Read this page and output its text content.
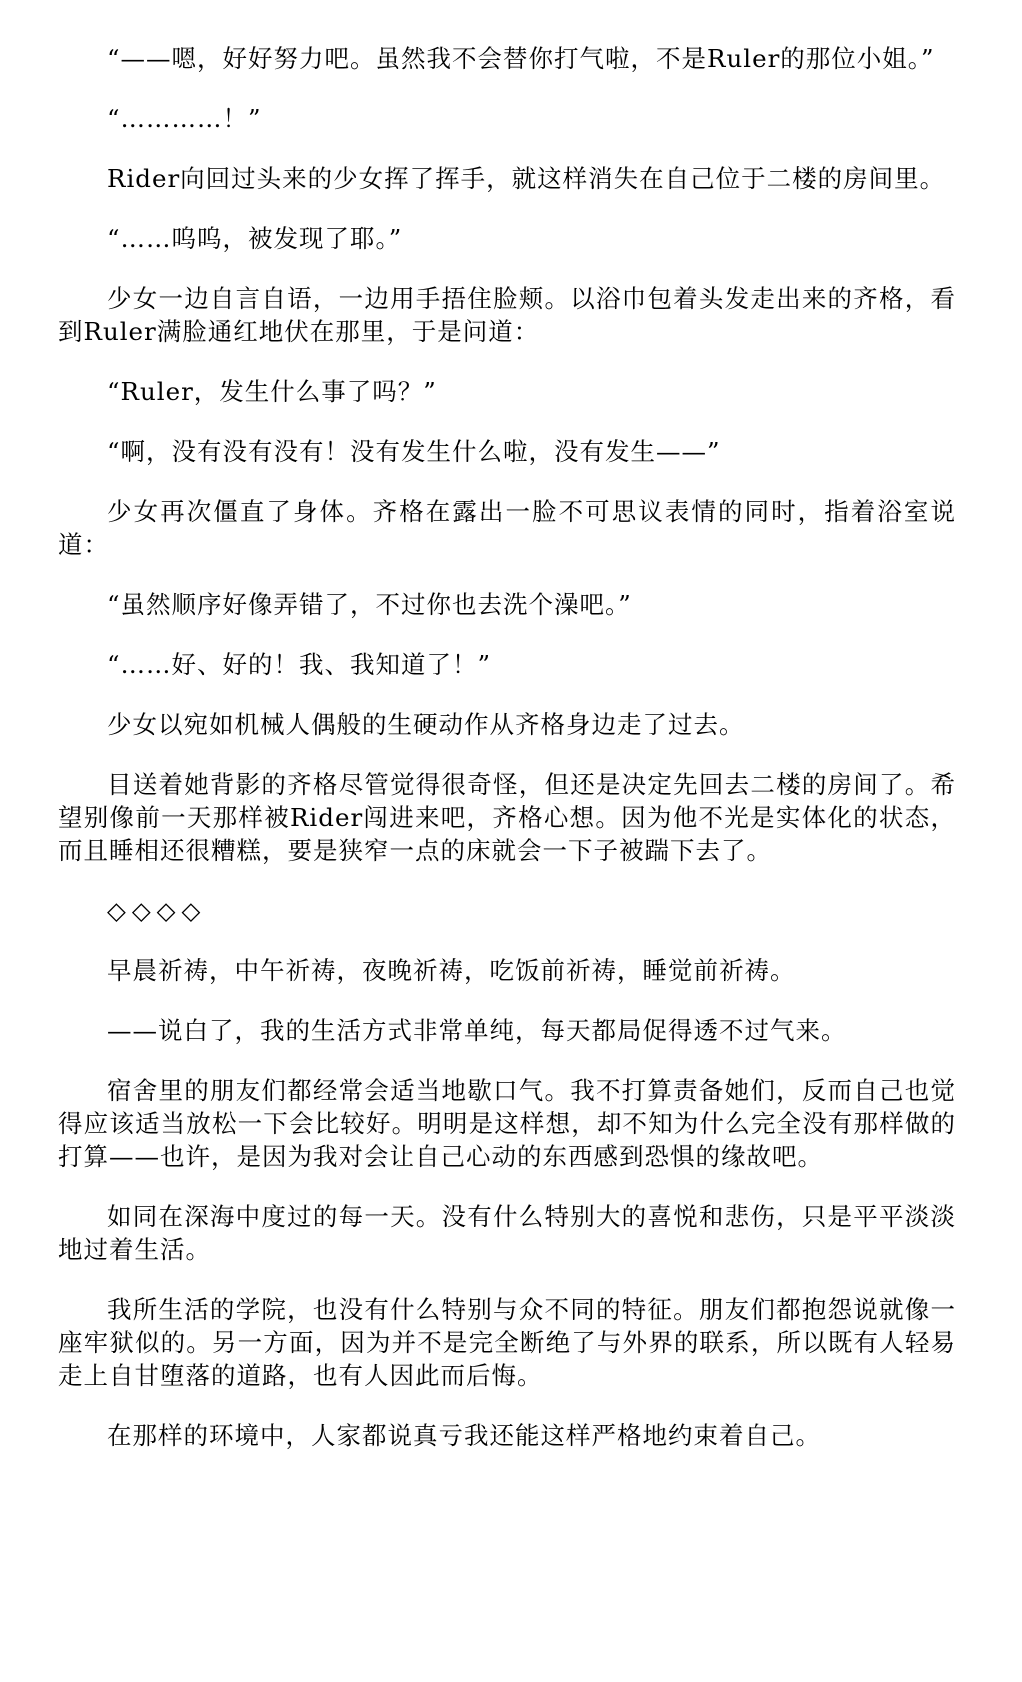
“——嗯，好好努力吧。虽然我不会替你打气啦，不是Ruler的那位小姐。”

“…………！”

Rider向回过头来的少女挥了挥手，就这样消失在自己位于二楼的房间里。

“……呜呜，被发现了耶。”

少女一边自言自语，一边用手捂住脸颊。以浴巾包着头发走出来的齐格，看到Ruler满脸通红地伏在那里，于是问道：

“Ruler，发生什么事了吗？”

“啊，没有没有没有！没有发生什么啦，没有发生——”

少女再次僵直了身体。齐格在露出一脸不可思议表情的同时，指着浴室说道：

“虽然顺序好像弄错了，不过你也去洗个澡吧。”

“……好、好的！我、我知道了！”

少女以宛如机械人偶般的生硬动作从齐格身边走了过去。

目送着她背影的齐格尽管觉得很奇怪，但还是决定先回去二楼的房间了。希望别像前一天那样被Rider闯进来吧，齐格心想。因为他不光是实体化的状态，而且睡相还很糟糕，要是狭窄一点的床就会一下子被踹下去了。

◇◇◇◇

早晨祈祷，中午祈祷，夜晚祈祷，吃饭前祈祷，睡觉前祈祷。

——说白了，我的生活方式非常单纯，每天都局促得透不过气来。

宿舍里的朋友们都经常会适当地歇口气。我不打算责备她们，反而自己也觉得应该适当放松一下会比较好。明明是这样想，却不知为什么完全没有那样做的打算——也许，是因为我对会让自己心动的东西感到恐惧的缘故吧。

如同在深海中度过的每一天。没有什么特别大的喜悦和悲伤，只是平平淡淡地过着生活。

我所生活的学院，也没有什么特别与众不同的特征。朋友们都抱怨说就像一座牢狱似的。另一方面，因为并不是完全断绝了与外界的联系，所以既有人轻易走上自甘堕落的道路，也有人因此而后悔。

在那样的环境中，人家都说真亏我还能这样严格地约束着自己。
